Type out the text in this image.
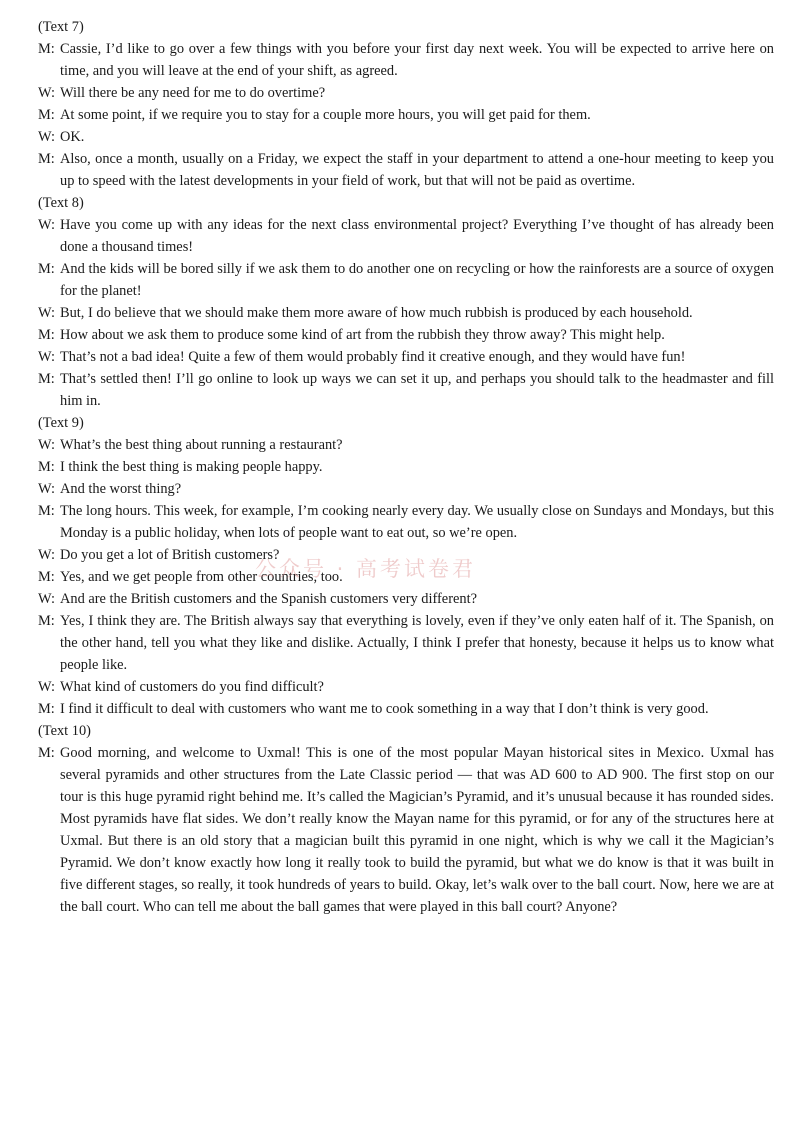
(Text 7)
M: Cassie, I’d like to go over a few things with you before your first day next week. You will be expected to arrive here on time, and you will leave at the end of your shift, as agreed.
W: Will there be any need for me to do overtime?
M: At some point, if we require you to stay for a couple more hours, you will get paid for them.
W: OK.
M: Also, once a month, usually on a Friday, we expect the staff in your department to attend a one-hour meeting to keep you up to speed with the latest developments in your field of work, but that will not be paid as overtime.
(Text 8)
W: Have you come up with any ideas for the next class environmental project? Everything I’ve thought of has already been done a thousand times!
M: And the kids will be bored silly if we ask them to do another one on recycling or how the rainforests are a source of oxygen for the planet!
W: But, I do believe that we should make them more aware of how much rubbish is produced by each household.
M: How about we ask them to produce some kind of art from the rubbish they throw away? This might help.
W: That’s not a bad idea! Quite a few of them would probably find it creative enough, and they would have fun!
M: That’s settled then! I’ll go online to look up ways we can set it up, and perhaps you should talk to the headmaster and fill him in.
(Text 9)
W: What’s the best thing about running a restaurant?
M: I think the best thing is making people happy.
W: And the worst thing?
M: The long hours. This week, for example, I’m cooking nearly every day. We usually close on Sundays and Mondays, but this Monday is a public holiday, when lots of people want to eat out, so we’re open.
W: Do you get a lot of British customers?
M: Yes, and we get people from other countries, too.
W: And are the British customers and the Spanish customers very different?
M: Yes, I think they are. The British always say that everything is lovely, even if they’ve only eaten half of it. The Spanish, on the other hand, tell you what they like and dislike. Actually, I think I prefer that honesty, because it helps us to know what people like.
W: What kind of customers do you find difficult?
M: I find it difficult to deal with customers who want me to cook something in a way that I don’t think is very good.
(Text 10)
M: Good morning, and welcome to Uxmal! This is one of the most popular Mayan historical sites in Mexico. Uxmal has several pyramids and other structures from the Late Classic period — that was AD 600 to AD 900. The first stop on our tour is this huge pyramid right behind me. It’s called the Magician’s Pyramid, and it’s unusual because it has rounded sides. Most pyramids have flat sides. We don’t really know the Mayan name for this pyramid, or for any of the structures here at Uxmal. But there is an old story that a magician built this pyramid in one night, which is why we call it the Magician’s Pyramid. We don’t know exactly how long it really took to build the pyramid, but what we do know is that it was built in five different stages, so really, it took hundreds of years to build. Okay, let’s walk over to the ball court. Now, here we are at the ball court. Who can tell me about the ball games that were played in this ball court? Anyone?
公众号 · 高考试卷君
